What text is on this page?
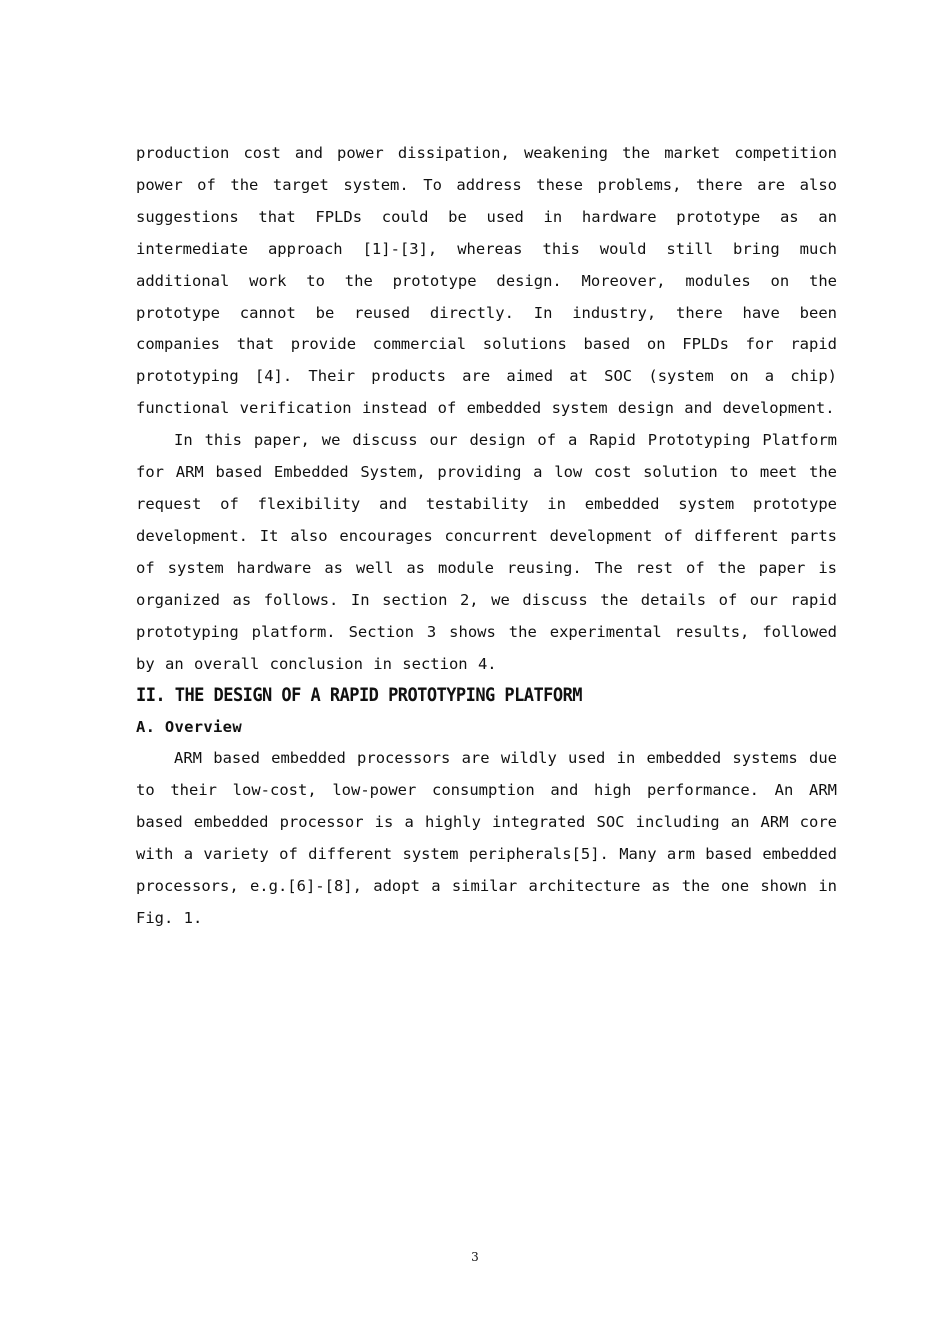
production cost and power dissipation, weakening the market competition power of the target system. To address these problems, there are also suggestions that FPLDs could be used in hardware prototype as an intermediate approach [1]-[3], whereas this would still bring much additional work to the prototype design. Moreover, modules on the prototype cannot be reused directly. In industry, there have been companies that provide commercial solutions based on FPLDs for rapid prototyping [4]. Their products are aimed at SOC (system on a chip) functional verification instead of embedded system design and development.

In this paper, we discuss our design of a Rapid Prototyping Platform for ARM based Embedded System, providing a low cost solution to meet the request of flexibility and testability in embedded system prototype development. It also encourages concurrent development of different parts of system hardware as well as module reusing. The rest of the paper is organized as follows. In section 2, we discuss the details of our rapid prototyping platform. Section 3 shows the experimental results, followed by an overall conclusion in section 4.

II. THE DESIGN OF A RAPID PROTOTYPING PLATFORM
A. Overview

ARM based embedded processors are wildly used in embedded systems due to their low-cost, low-power consumption and high performance. An ARM based embedded processor is a highly integrated SOC including an ARM core with a variety of different system peripherals[5]. Many arm based embedded processors, e.g.[6]-[8], adopt a similar architecture as the one shown in Fig. 1.

3
